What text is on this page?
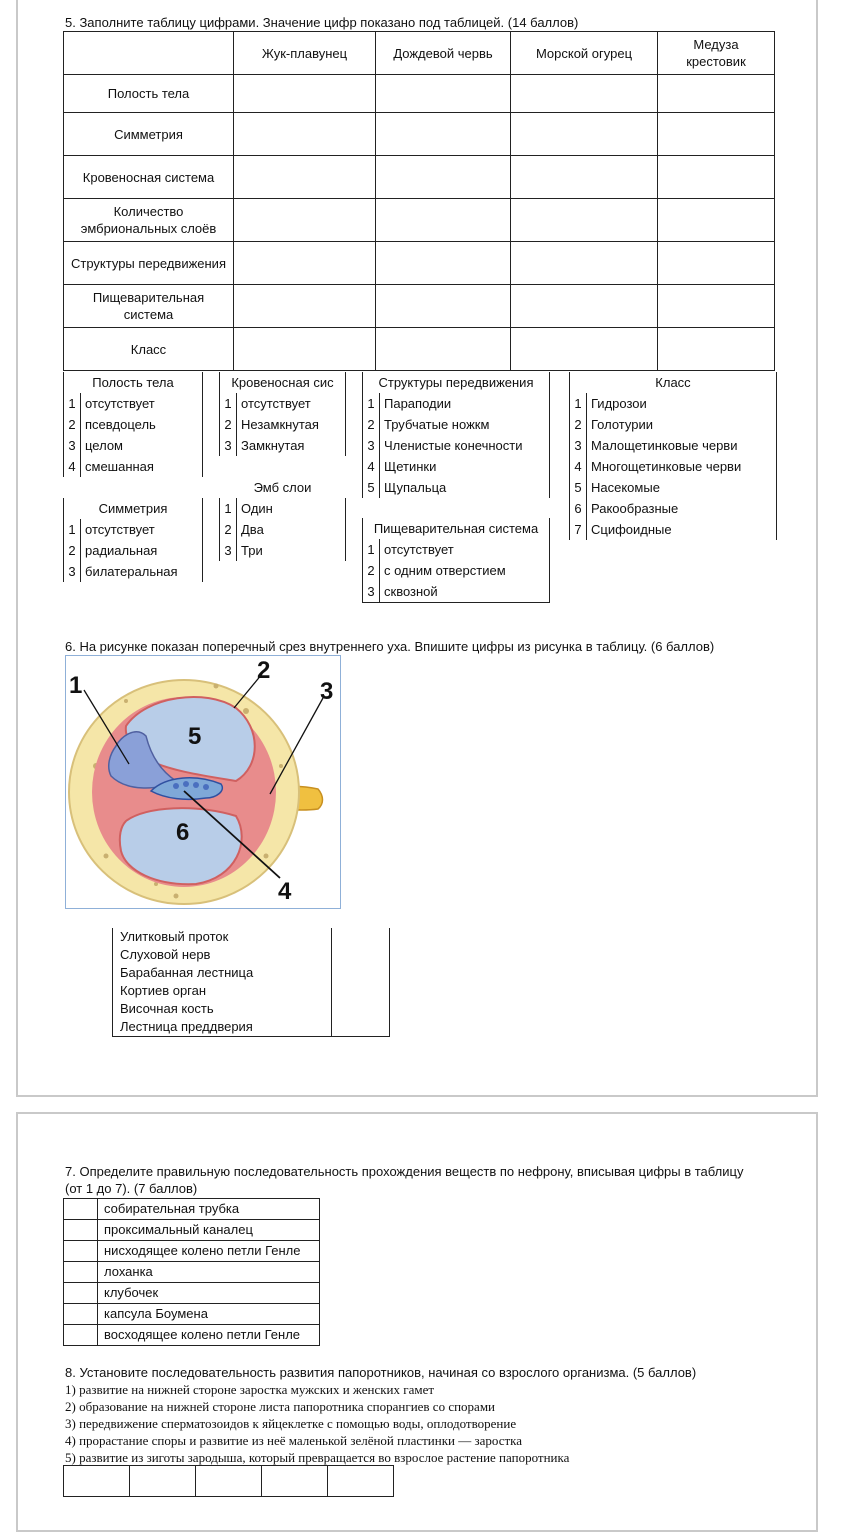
5. Заполните таблицу цифрами. Значение цифр показано под таблицей. (14 баллов)
	Жук-плавунец	Дождевой червь	Морской огурец	Медуза крестовик
Полость тела				
Симметрия				
Кровеносная система				
Количество эмбриональных слоёв				
Структуры передвижения				
Пищеварительная система				
Класс				
Полость тела	
1	отсутствует
2	псевдоцель
3	целом
4	смешанная
Симметрия	
1	отсутствует
2	радиальная
3	билатеральная
Кровеносная сис	
1	отсутствует
2	Незамкнутая
3	Замкнутая
Эмб слои	
1	Один
2	Два
3	Три
Структуры передвижения	
1	Параподии
2	Трубчатые ножкм
3	Членистые конечности
4	Щетинки
5	Щупальца
Пищеварительная система	
1	отсутствует
2	с одним отверстием
3	сквозной
Класс	
1	Гидрозои
2	Голотурии
3	Малощетинковые черви
4	Многощетинковые черви
5	Насекомые
6	Ракообразные
7	Сцифоидные
6. На рисунке показан поперечный срез внутреннего уха. Впишите цифры из рисунка в таблицу. (6 баллов)
1
2
3
4
5
6
Улитковый проток	
Слуховой нерв	
Барабанная лестница	
Кортиев орган	
Височная кость	
Лестница преддверия	
7. Определите правильную последовательность прохождения веществ по нефрону, вписывая цифры в таблицу (от 1 до 7). (7 баллов)
	собирательная трубка
	проксимальный каналец
	нисходящее колено петли Генле
	лоханка
	клубочек
	капсула Боумена
	восходящее колено петли Генле
8. Установите последовательность развития папоротников, начиная со взрослого организма. (5 баллов)
1) развитие на нижней стороне заростка мужских и женских гамет
2) образование на нижней стороне листа папоротника спорангиев со спорами
3) передвижение сперматозоидов к яйцеклетке с помощью воды, оплодотворение
4) прорастание споры и развитие из неё маленькой зелёной пластинки — заростка
5) развитие из зиготы зародыша, который превращается во взрослое растение папоротника
